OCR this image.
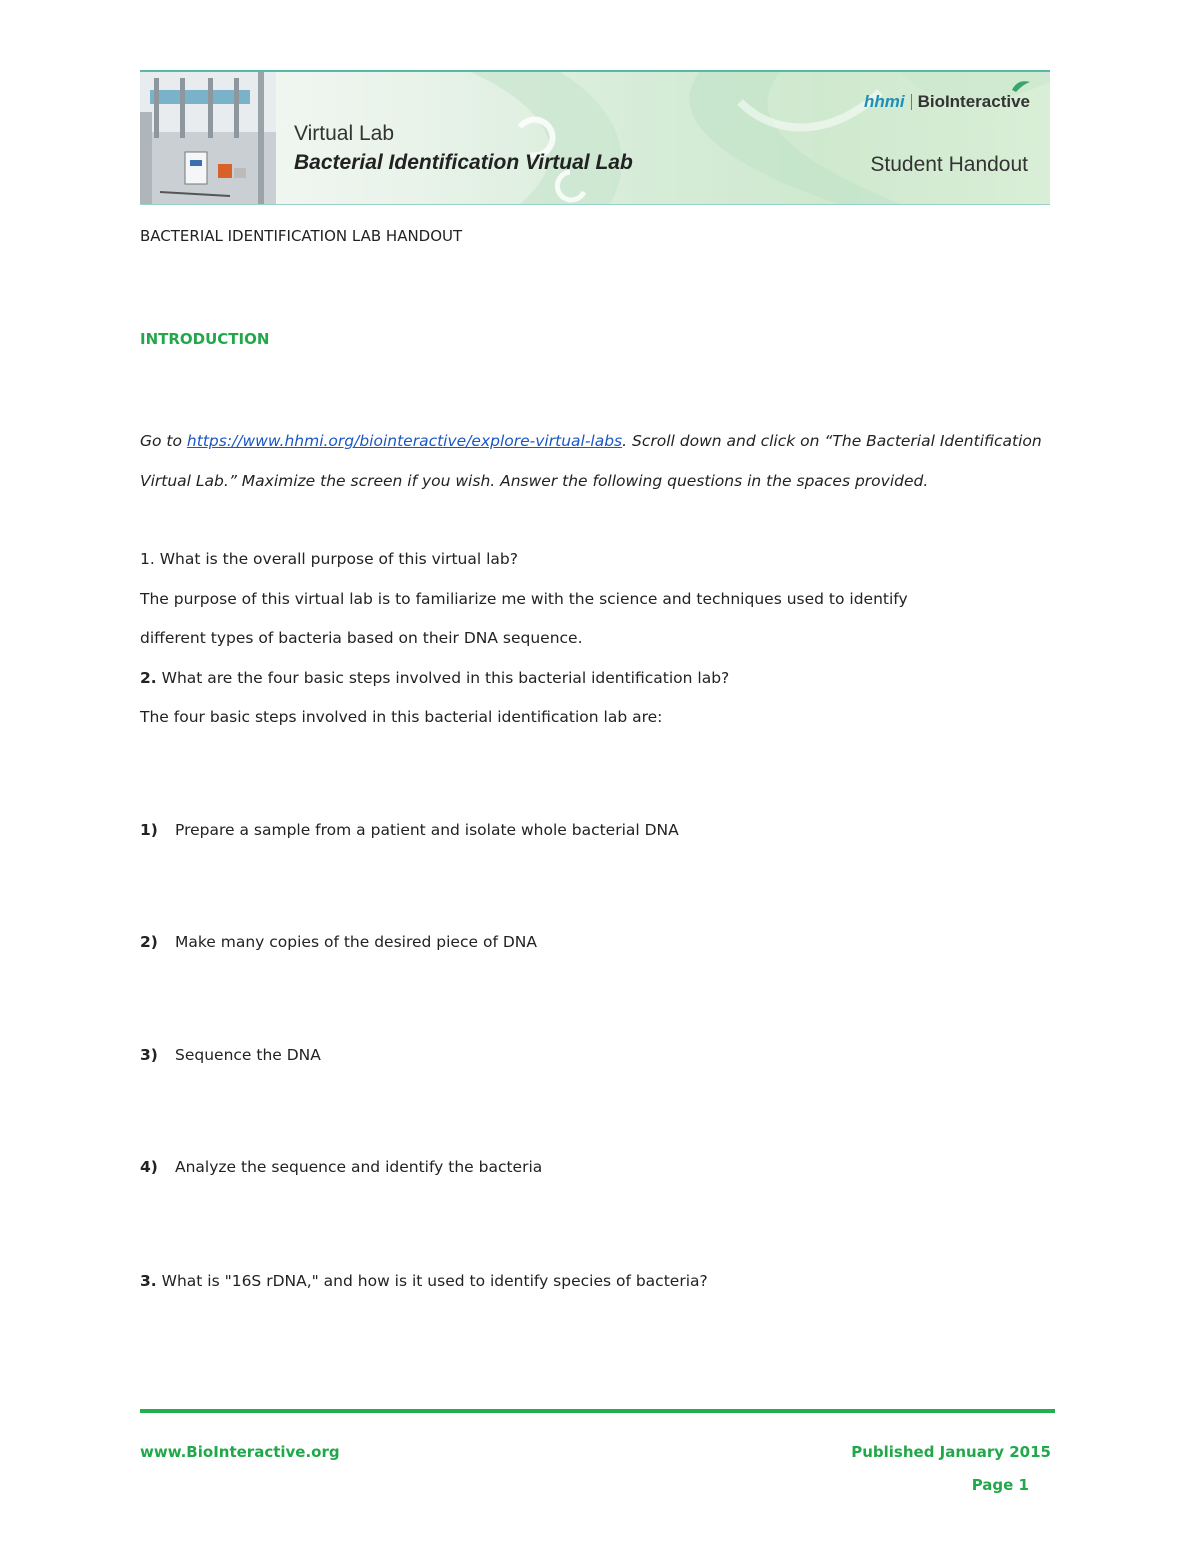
hhmi BioInteractive
Virtual Lab
Bacterial Identification Virtual Lab	Student Handout
BACTERIAL IDENTIFICATION LAB HANDOUT
INTRODUCTION
Go to https://www.hhmi.org/biointeractive/explore-virtual-labs. Scroll down and click on “The Bacterial Identification Virtual Lab.” Maximize the screen if you wish. Answer the following questions in the spaces provided.
1. What is the overall purpose of this virtual lab?
The purpose of this virtual lab is to familiarize me with the science and techniques used to identify
different types of bacteria based on their DNA sequence.
2. What are the four basic steps involved in this bacterial identification lab?
The four basic steps involved in this bacterial identification lab are:
1) Prepare a sample from a patient and isolate whole bacterial DNA
2) Make many copies of the desired piece of DNA
3) Sequence the DNA
4) Analyze the sequence and identify the bacteria
3. What is "16S rDNA," and how is it used to identify species of bacteria?
www.BioInteractive.org	Published January 2015
Page 1
